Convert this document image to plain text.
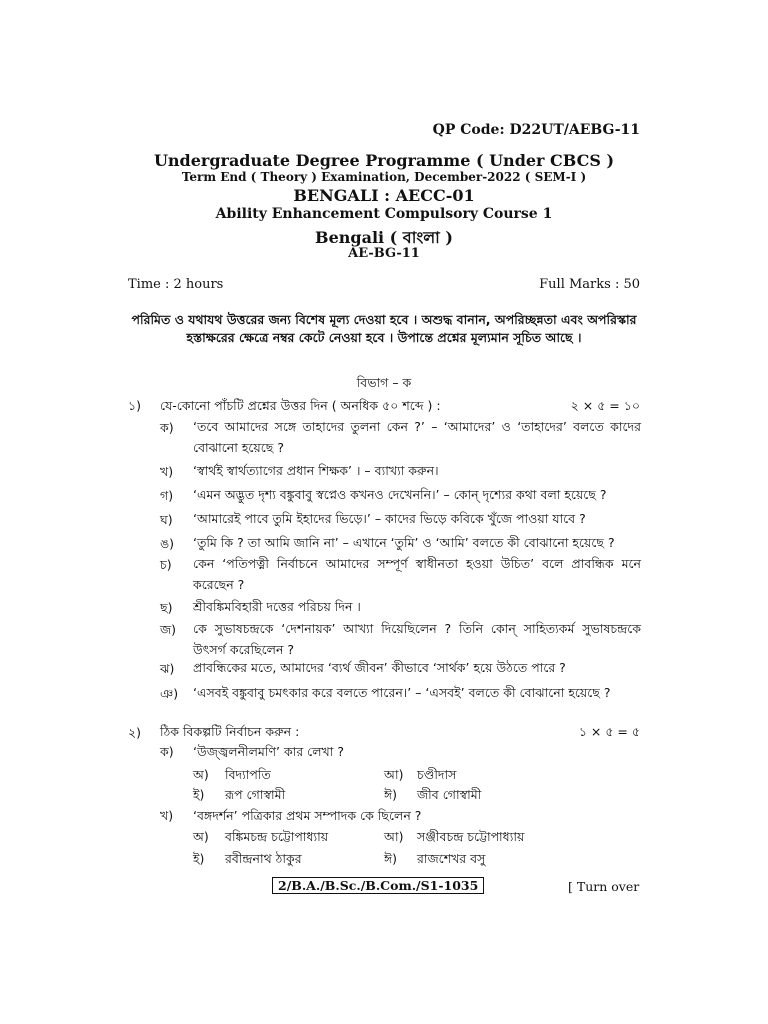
QP Code: D22UT/AEBG-11
Undergraduate Degree Programme ( Under CBCS )
Term End ( Theory ) Examination, December-2022 ( SEM-I )
BENGALI : AECC-01
Ability Enhancement Compulsory Course 1
Bengali ( বাংলা )
AE-BG-11
Time : 2 hours	Full Marks : 50
পরিমিত ও যথাযথ উত্তরের জন্য বিশেষ মূল্য দেওয়া হবে । অশুদ্ধ বানান, অপরিচ্ছন্নতা এবং অপরিস্কার
হস্তাক্ষরের ক্ষেত্রে নম্বর কেটে নেওয়া হবে । উপান্তে প্রশ্নের মূল্যমান সূচিত আছে ।
বিভাগ – ক
১) যে-কোনো পাঁচটি প্রশ্নের উত্তর দিন ( অনধিক ৫০ শব্দে ) :	২ × ৫ = ১০
ক)	‘তবে আমাদের সঙ্গে তাহাদের তুলনা কেন ?’ – ‘আমাদের’ ও ‘তাহাদের’ বলতে কাদের বোঝানো হয়েছে ?
খ)	‘স্বার্থই স্বার্থত্যাগের প্রধান শিক্ষক’ । – ব্যাখ্যা করুন।
গ)	‘এমন অদ্ভুত দৃশ্য বঙ্কুবাবু স্বপ্নেও কখনও দেখেননি।’ – কোন্ দৃশ্যের কথা বলা হয়েছে ?
ঘ)	‘আমারেই পাবে তুমি ইহাদের ভিড়ে।’ – কাদের ভিড়ে কবিকে খুঁজে পাওয়া যাবে ?
ঙ)	‘তুমি কি ? তা আমি জানি না’ – এখানে ‘তুমি’ ও ‘আমি’ বলতে কী বোঝানো হয়েছে ?
চ)	কেন ‘পতিপত্নী নির্বাচনে আমাদের সম্পূর্ণ স্বাধীনতা হওয়া উচিত’ বলে প্রাবন্ধিক মনে করেছেন ?
ছ)	শ্রীবঙ্কিমবিহারী দত্তের পরিচয় দিন ।
জ)	কে সুভাষচন্দ্রকে ‘দেশনায়ক’ আখ্যা দিয়েছিলেন ? তিনি কোন্ সাহিত্যকর্ম সুভাষচন্দ্রকে উৎসর্গ করেছিলেন ?
ঝ)	প্রাবন্ধিকের মতে, আমাদের ‘ব্যর্থ জীবন’ কীভাবে ‘সার্থক’ হয়ে উঠতে পারে ?
ঞ)	‘এসবই বঙ্কুবাবু চমৎকার করে বলতে পারেন।’ – ‘এসবই’ বলতে কী বোঝানো হয়েছে ?
২) ঠিক বিকল্পটি নির্বাচন করুন :	১ × ৫ = ৫
ক)	‘উজ্জ্বলনীলমণি’ কার লেখা ?
অ) বিদ্যাপতি	আ) চণ্ডীদাস
ই) রূপ গোস্বামী	ঈ) জীব গোস্বামী
খ)	‘বঙ্গদর্শন’ পত্রিকার প্রথম সম্পাদক কে ছিলেন ?
অ) বঙ্কিমচন্দ্র চট্টোপাধ্যায়	আ) সঞ্জীবচন্দ্র চট্টোপাধ্যায়
ই) রবীন্দ্রনাথ ঠাকুর	ঈ) রাজশেখর বসু
2/B.A./B.Sc./B.Com./S1-1035	[ Turn over
